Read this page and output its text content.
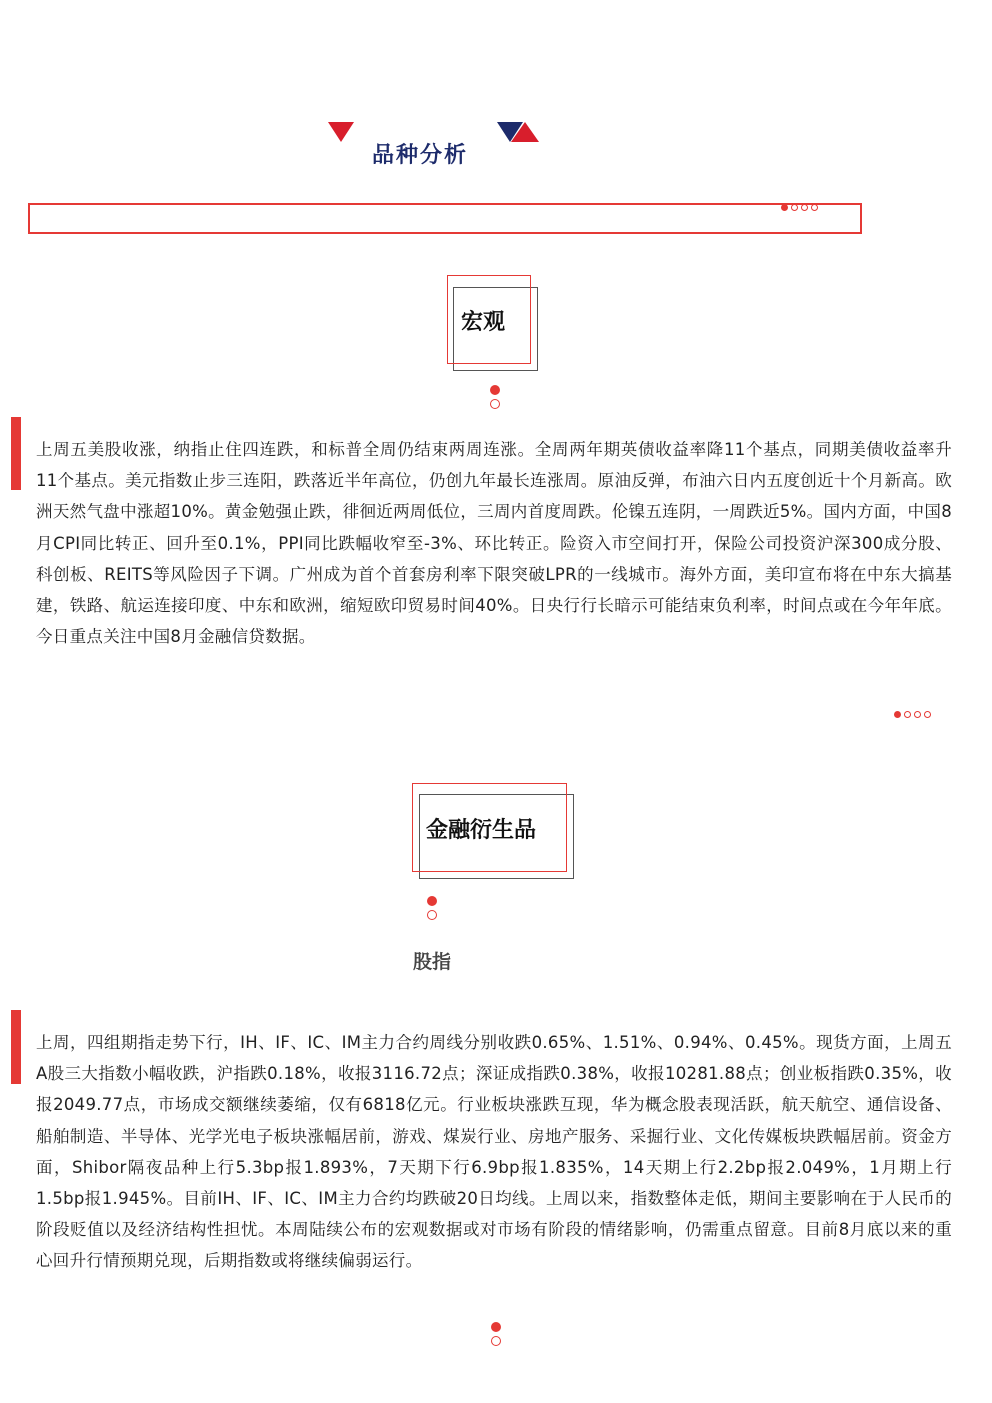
品种分析
宏观
上周五美股收涨，纳指止住四连跌，和标普全周仍结束两周连涨。全周两年期英债收益率降11个基点，同期美债收益率升11个基点。美元指数止步三连阳，跌落近半年高位，仍创九年最长连涨周。原油反弹，布油六日内五度创近十个月新高。欧洲天然气盘中涨超10%。黄金勉强止跌，徘徊近两周低位，三周内首度周跌。伦镍五连阴，一周跌近5%。国内方面，中国8月CPI同比转正、回升至0.1%，PPI同比跌幅收窄至-3%、环比转正。险资入市空间打开，保险公司投资沪深300成分股、科创板、REITS等风险因子下调。广州成为首个首套房利率下限突破LPR的一线城市。海外方面，美印宣布将在中东大搞基建，铁路、航运连接印度、中东和欧洲，缩短欧印贸易时间40%。日央行行长暗示可能结束负利率，时间点或在今年年底。今日重点关注中国8月金融信贷数据。
金融衍生品
股指
上周，四组期指走势下行，IH、IF、IC、IM主力合约周线分别收跌0.65%、1.51%、0.94%、0.45%。现货方面，上周五A股三大指数小幅收跌，沪指跌0.18%，收报3116.72点；深证成指跌0.38%，收报10281.88点；创业板指跌0.35%，收报2049.77点，市场成交额继续萎缩，仅有6818亿元。行业板块涨跌互现，华为概念股表现活跃，航天航空、通信设备、船舶制造、半导体、光学光电子板块涨幅居前，游戏、煤炭行业、房地产服务、采掘行业、文化传媒板块跌幅居前。资金方面，Shibor隔夜品种上行5.3bp报1.893%，7天期下行6.9bp报1.835%，14天期上行2.2bp报2.049%，1月期上行1.5bp报1.945%。目前IH、IF、IC、IM主力合约均跌破20日均线。上周以来，指数整体走低，期间主要影响在于人民币的阶段贬值以及经济结构性担忧。本周陆续公布的宏观数据或对市场有阶段的情绪影响，仍需重点留意。目前8月底以来的重心回升行情预期兑现，后期指数或将继续偏弱运行。
